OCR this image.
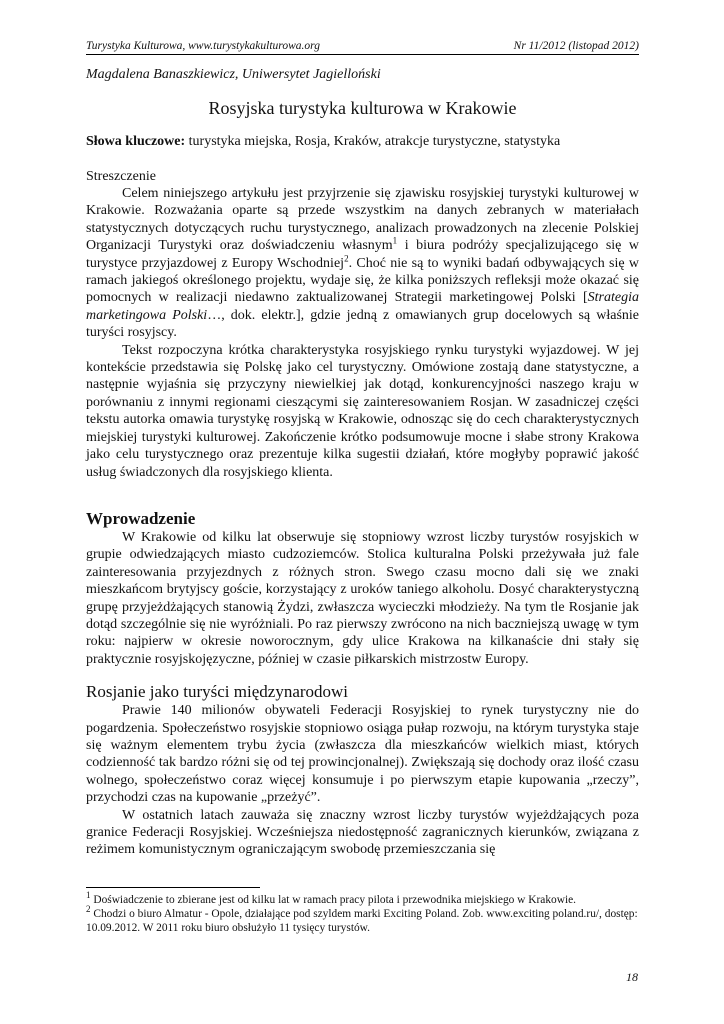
Turystyka Kulturowa, www.turystykakulturowa.org	Nr 11/2012 (listopad 2012)
Magdalena Banaszkiewicz, Uniwersytet Jagielloński
Rosyjska turystyka kulturowa w Krakowie
Słowa kluczowe: turystyka miejska, Rosja, Kraków, atrakcje turystyczne, statystyka
Streszczenie

Celem niniejszego artykułu jest przyjrzenie się zjawisku rosyjskiej turystyki kulturowej w Krakowie. Rozważania oparte są przede wszystkim na danych zebranych w materiałach statystycznych dotyczących ruchu turystycznego, analizach prowadzonych na zlecenie Polskiej Organizacji Turystyki oraz doświadczeniu własnym$^1$ i biura podróży specjalizującego się w turystyce przyjazdowej z Europy Wschodniej$^2$. Choć nie są to wyniki badań odbywających się w ramach jakiegoś określonego projektu, wydaje się, że kilka poniższych refleksji może okazać się pomocnych w realizacji niedawno zaktualizowanej Strategii marketingowej Polski [Strategia marketingowa Polski…, dok. elektr.], gdzie jedną z omawianych grup docelowych są właśnie turyści rosyjscy.

Tekst rozpoczyna krótka charakterystyka rosyjskiego rynku turystyki wyjazdowej. W jej kontekście przedstawia się Polskę jako cel turystyczny. Omówione zostają dane statystyczne, a następnie wyjaśnia się przyczyny niewielkiej jak dotąd, konkurencyjności naszego kraju w porównaniu z innymi regionami cieszącymi się zainteresowaniem Rosjan. W zasadniczej części tekstu autorka omawia turystykę rosyjską w Krakowie, odnosząc się do cech charakterystycznych miejskiej turystyki kulturowej. Zakończenie krótko podsumowuje mocne i słabe strony Krakowa jako celu turystycznego oraz prezentuje kilka sugestii działań, które mogłyby poprawić jakość usług świadczonych dla rosyjskiego klienta.

Wprowadzenie

W Krakowie od kilku lat obserwuje się stopniowy wzrost liczby turystów rosyjskich w grupie odwiedzających miasto cudzoziemców. Stolica kulturalna Polski przeżywała już fale zainteresowania przyjezdnych z różnych stron. Swego czasu mocno dali się we znaki mieszkańcom brytyjscy goście, korzystający z uroków taniego alkoholu. Dosyć charakterystyczną grupę przyjeżdżających stanowią Żydzi, zwłaszcza wycieczki młodzieży. Na tym tle Rosjanie jak dotąd szczególnie się nie wyróżniali. Po raz pierwszy zwrócono na nich baczniejszą uwagę w tym roku: najpierw w okresie noworocznym, gdy ulice Krakowa na kilkanaście dni stały się praktycznie rosyjskojęzyczne, później w czasie piłkarskich mistrzostw Europy.

Rosjanie jako turyści międzynarodowi

Prawie 140 milionów obywateli Federacji Rosyjskiej to rynek turystyczny nie do pogardzenia. Społeczeństwo rosyjskie stopniowo osiąga pułap rozwoju, na którym turystyka staje się ważnym elementem trybu życia (zwłaszcza dla mieszkańców wielkich miast, których codzienność tak bardzo różni się od tej prowincjonalnej). Zwiększają się dochody oraz ilość czasu wolnego, społeczeństwo coraz więcej konsumuje i po pierwszym etapie kupowania „rzeczy”, przychodzi czas na kupowanie „przeżyć”.

W ostatnich latach zauważa się znaczny wzrost liczby turystów wyjeżdżających poza granice Federacji Rosyjskiej. Wcześniejsza niedostępność zagranicznych kierunków, związana z reżimem komunistycznym ograniczającym swobodę przemieszczania się

$^1$ Doświadczenie to zbierane jest od kilku lat w ramach pracy pilota i przewodnika miejskiego w Krakowie.
$^2$ Chodzi o biuro Almatur - Opole, działające pod szyldem marki Exciting Poland. Zob. www.exciting poland.ru/, dostęp: 10.09.2012. W 2011 roku biuro obsłużyło 11 tysięcy turystów.
18
